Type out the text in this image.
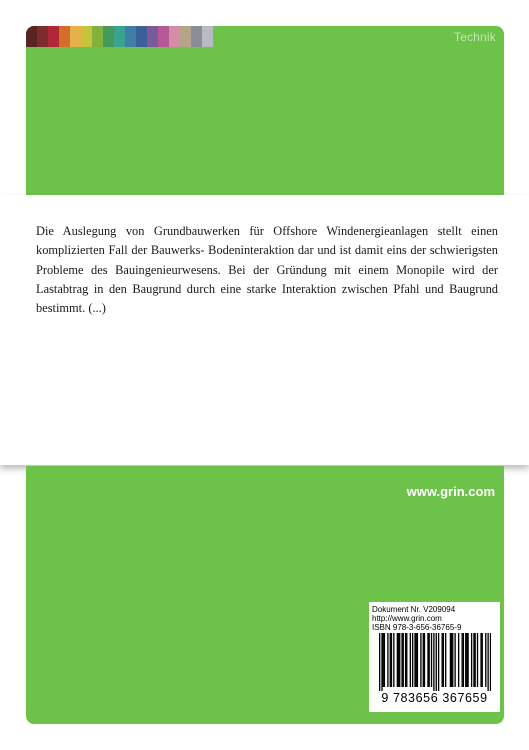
Technik

Die Auslegung von Grundbauwerken für Offshore Windenergieanlagen stellt einen komplizierten Fall der Bauwerks- Bodeninteraktion dar und ist damit eins der schwierigsten Probleme des Bauingenieurwesens. Bei der Gründung mit einem Monopile wird der Lastabtrag in den Baugrund durch eine starke Interaktion zwischen Pfahl und Baugrund bestimmt. (...)

www.grin.com
Dokument Nr. V209094
http://www.grin.com
ISBN 978-3-656-36765-9
9 783656 367659
